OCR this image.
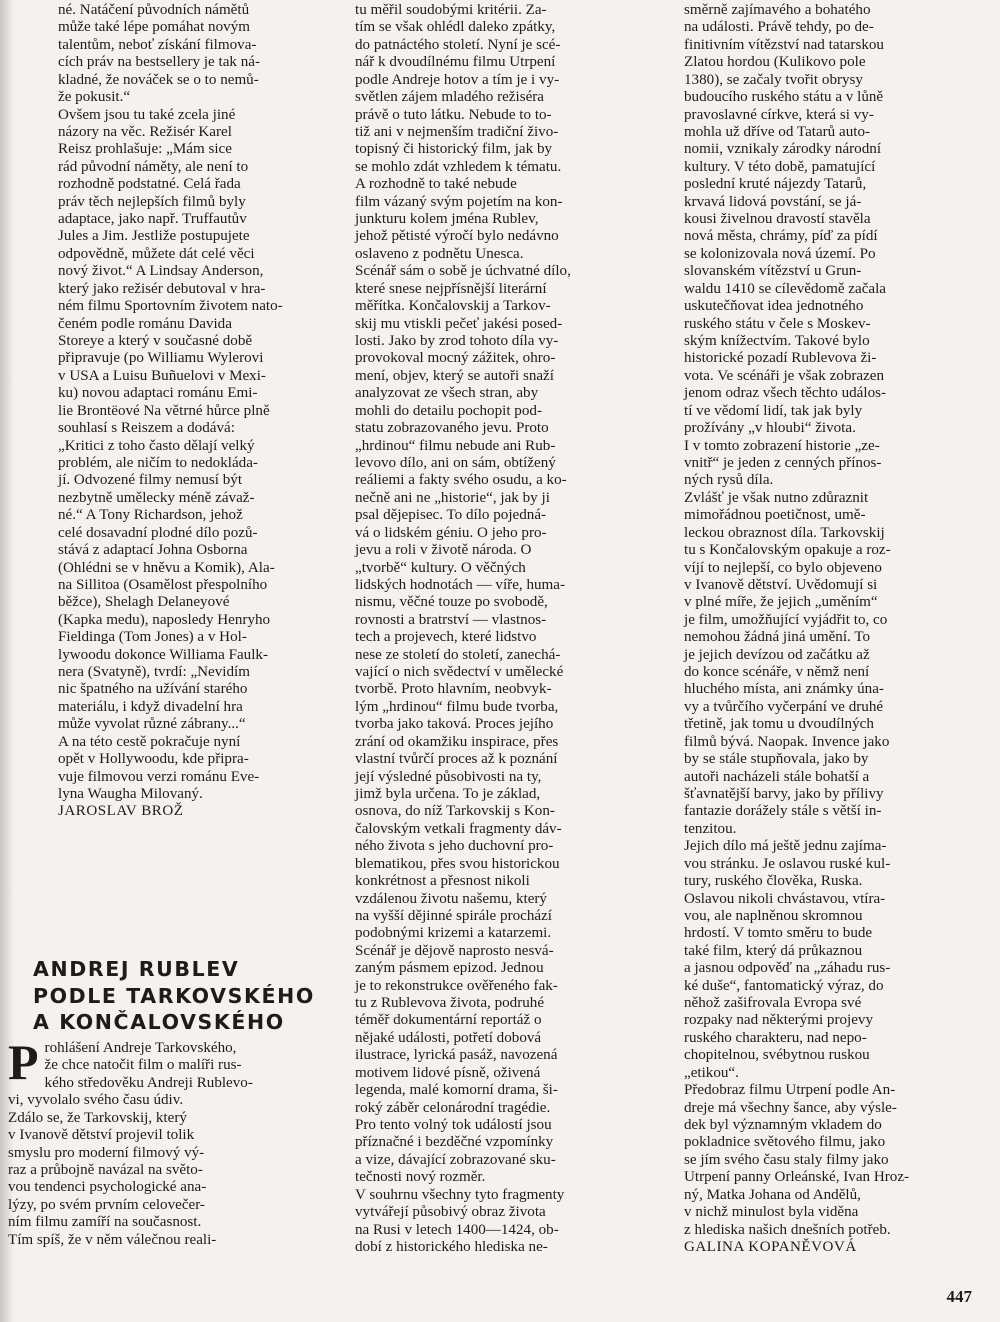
né. Natáčení původních námětů
může také lépe pomáhat novým
talentům, neboť získání filmova-
cích práv na bestsellery je tak ná-
kladné, že nováček se o to nemů-
že pokusit.“
Ovšem jsou tu také zcela jiné
názory na věc. Režisér Karel
Reisz prohlašuje: „Mám sice
rád původní náměty, ale není to
rozhodně podstatné. Celá řada
práv těch nejlepších filmů byly
adaptace, jako např. Truffautův
Jules a Jim. Jestliže postupujete
odpovědně, můžete dát celé věci
nový život.“ A Lindsay Anderson,
který jako režisér debutoval v hra-
ném filmu Sportovním životem nato-
čeném podle románu Davida
Storeye a který v současné době
připravuje (po Williamu Wylerovi
v USA a Luisu Buñuelovi v Mexi-
ku) novou adaptaci románu Emi-
lie Brontëové Na větrné hůrce plně
souhlasí s Reiszem a dodává:
„Kritici z toho často dělají velký
problém, ale ničím to nedokláda-
jí. Odvozené filmy nemusí být
nezbytně umělecky méně závaž-
né.“ A Tony Richardson, jehož
celé dosavadní plodné dílo pozů-
stává z adaptací Johna Osborna
(Ohlédni se v hněvu a Komik), Ala-
na Sillitoa (Osamělost přespolního
běžce), Shelagh Delaneyové
(Kapka medu), naposledy Henryho
Fieldinga (Tom Jones) a v Hol-
lywoodu dokonce Williama Faulk-
nera (Svatyně), tvrdí: „Nevidím
nic špatného na užívání starého
materiálu, i když divadelní hra
může vyvolat různé zábrany...“
A na této cestě pokračuje nyní
opět v Hollywoodu, kde připra-
vuje filmovou verzi románu Eve-
lyna Waugha Milovaný.
JAROSLAV BROŽ
ANDREJ RUBLEV
PODLE TARKOVSKÉHO
A KONČALOVSKÉHO
P rohlášení Andreje Tarkovského,
že chce natočit film o malíři rus-
kého středověku Andreji Rublevo-
vi, vyvolalo svého času údiv.
Zdálo se, že Tarkovskij, který
v Ivanově dětství projevil tolik
smyslu pro moderní filmový vý-
raz a průbojně navázal na světo-
vou tendenci psychologické ana-
lýzy, po svém prvním celovečer-
ním filmu zamíří na současnost.
Tím spíš, že v něm válečnou reali-
tu měřil soudobými kritérii. Za-
tím se však ohlédl daleko zpátky,
do patnáctého století. Nyní je scé-
nář k dvoudílnému filmu Utrpení
podle Andreje hotov a tím je i vy-
světlen zájem mladého režiséra
právě o tuto látku. Nebude to to-
tiž ani v nejmenším tradiční živo-
topisný či historický film, jak by
se mohlo zdát vzhledem k tématu.
A rozhodně to také nebude
film vázaný svým pojetím na kon-
junkturu kolem jména Rublev,
jehož pětisté výročí bylo nedávno
oslaveno z podnětu Unesca.
Scénář sám o sobě je úchvatné dílo,
které snese nejpřísnější literární
měřítka. Končalovskij a Tarkov-
skij mu vtiskli pečeť jakési posed-
losti. Jako by zrod tohoto díla vy-
provokoval mocný zážitek, ohro-
mení, objev, který se autoři snaží
analyzovat ze všech stran, aby
mohli do detailu pochopit pod-
statu zobrazovaného jevu. Proto
„hrdinou“ filmu nebude ani Rub-
levovo dílo, ani on sám, obtížený
reáliemi a fakty svého osudu, a ko-
nečně ani ne „historie“, jak by ji
psal dějepisec. To dílo pojedná-
vá o lidském géniu. O jeho pro-
jevu a roli v životě národa. O
„tvorbě“ kultury. O věčných
lidských hodnotách — víře, huma-
nismu, věčné touze po svobodě,
rovnosti a bratrství — vlastnos-
tech a projevech, které lidstvo
nese ze století do století, zanechá-
vající o nich svědectví v umělecké
tvorbě. Proto hlavním, neobvyk-
lým „hrdinou“ filmu bude tvorba,
tvorba jako taková. Proces jejího
zrání od okamžiku inspirace, přes
vlastní tvůrčí proces až k poznání
její výsledné působivosti na ty,
jimž byla určena. To je základ,
osnova, do níž Tarkovskij s Kon-
čalovským vetkali fragmenty dáv-
ného života s jeho duchovní pro-
blematikou, přes svou historickou
konkrétnost a přesnost nikoli
vzdálenou životu našemu, který
na vyšší dějinné spirále prochází
podobnými krizemi a katarzemi.
Scénář je dějově naprosto nesvá-
zaným pásmem epizod. Jednou
je to rekonstrukce ověřeného fak-
tu z Rublevova života, podruhé
téměř dokumentární reportáž o
nějaké události, potřetí dobová
ilustrace, lyrická pasáž, navozená
motivem lidové písně, oživená
legenda, malé komorní drama, ši-
roký záběr celonárodní tragédie.
Pro tento volný tok událostí jsou
příznačné i bezděčné vzpomínky
a vize, dávající zobrazované sku-
tečnosti nový rozměr.
V souhrnu všechny tyto fragmenty
vytvářejí působivý obraz života
na Rusi v letech 1400—1424, ob-
dobí z historického hlediska ne-
směrně zajímavého a bohatého
na události. Právě tehdy, po de-
finitivním vítězství nad tatarskou
Zlatou hordou (Kulikovo pole
1380), se začaly tvořit obrysy
budoucího ruského státu a v lůně
pravoslavné církve, která si vy-
mohla už dříve od Tatarů auto-
nomii, vznikaly zárodky národní
kultury. V této době, pamatující
poslední kruté nájezdy Tatarů,
krvavá lidová povstání, se já-
kousi živelnou dravostí stavěla
nová města, chrámy, píď za pídí
se kolonizovala nová území. Po
slovanském vítězství u Grun-
waldu 1410 se cílevědomě začala
uskutečňovat idea jednotného
ruského státu v čele s Moskev-
ským knížectvím. Takové bylo
historické pozadí Rublevova ži-
vota. Ve scénáři je však zobrazen
jenom odraz všech těchto událos-
tí ve vědomí lidí, tak jak byly
prožívány „v hloubi“ života.
I v tomto zobrazení historie „ze-
vnitř“ je jeden z cenných přínos-
ných rysů díla.
Zvlášť je však nutno zdůraznit
mimořádnou poetičnost, umě-
leckou obraznost díla. Tarkovskij
tu s Končalovským opakuje a roz-
víjí to nejlepší, co bylo objeveno
v Ivanově dětství. Uvědomují si
v plné míře, že jejich „uměním“
je film, umožňující vyjádřit to, co
nemohou žádná jiná umění. To
je jejich devízou od začátku až
do konce scénáře, v němž není
hluchého místa, ani známky úna-
vy a tvůrčího vyčerpání ve druhé
třetině, jak tomu u dvoudílných
filmů bývá. Naopak. Invence jako
by se stále stupňovala, jako by
autoři nacházeli stále bohatší a
šťavnatější barvy, jako by přílivy
fantazie dorážely stále s větší in-
tenzitou.
Jejich dílo má ještě jednu zajíma-
vou stránku. Je oslavou ruské kul-
tury, ruského člověka, Ruska.
Oslavou nikoli chvástavou, vtíra-
vou, ale naplněnou skromnou
hrdostí. V tomto směru to bude
také film, který dá průkaznou
a jasnou odpověď na „záhadu rus-
ké duše“, fantomatický výraz, do
něhož zašifrovala Evropa své
rozpaky nad některými projevy
ruského charakteru, nad nepo-
chopitelnou, svébytnou ruskou
„etikou“.
Předobraz filmu Utrpení podle An-
dreje má všechny šance, aby výsle-
dek byl významným vkladem do
pokladnice světového filmu, jako
se jím svého času staly filmy jako
Utrpení panny Orleánské, Ivan Hroz-
ný, Matka Johana od Andělů,
v nichž minulost byla viděna
z hlediska našich dnešních potřeb.
GALINA KOPANĚVOVÁ
447
